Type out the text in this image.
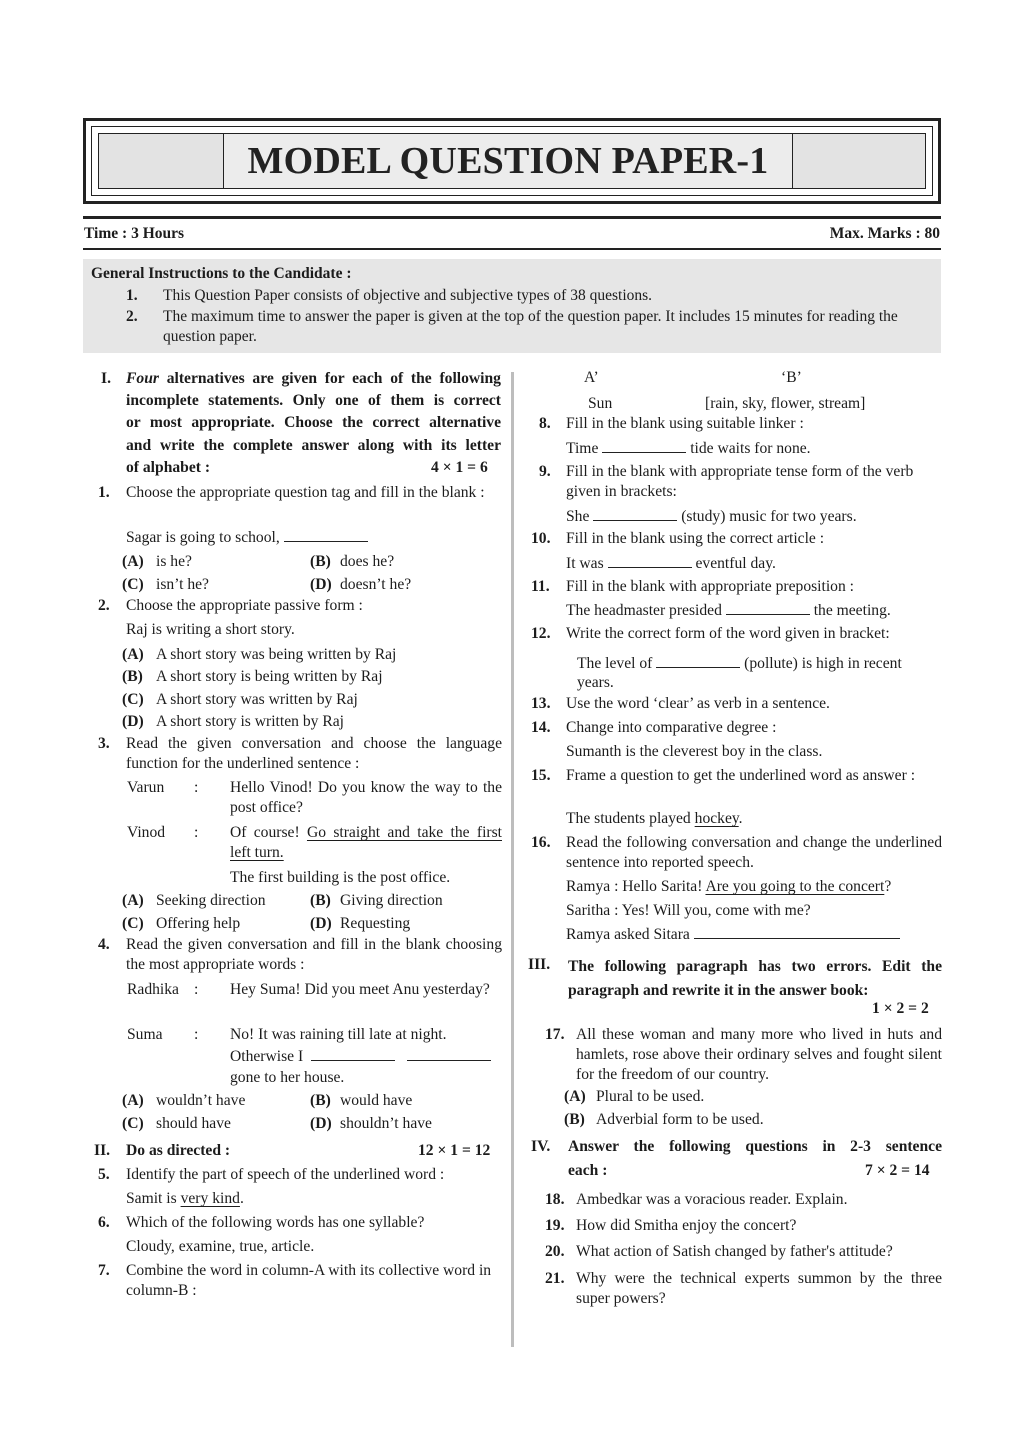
MODEL QUESTION PAPER-1
Time : 3 Hours	Max. Marks : 80
General Instructions to the Candidate :
1. This Question Paper consists of objective and subjective types of 38 questions.
2. The maximum time to answer the paper is given at the top of the question paper. It includes 15 minutes for reading the question paper.
I. Four alternatives are given for each of the following
incomplete statements. Only one of them is correct
or most appropriate. Choose the correct alternative
and write the complete answer along with its letter
of alphabet :	4 × 1 = 6
1. Choose the appropriate question tag and fill in the blank :
Sagar is going to school,
(A) is he?	(B) does he?
(C) isn’t he?	(D) doesn’t he?
2. Choose the appropriate passive form :
Raj is writing a short story.
(A) A short story was being written by Raj
(B) A short story is being written by Raj
(C) A short story was written by Raj
(D) A short story is written by Raj
3. Read the given conversation and choose the language function for the underlined sentence :
Varun : Hello Vinod! Do you know the way to the post office?
Vinod : Of course! Go straight and take the first left turn.
The first building is the post office.
(A) Seeking direction	(B) Giving direction
(C) Offering help	(D) Requesting
4. Read the given conversation and fill in the blank choosing the most appropriate words :
Radhika : Hey Suma! Did you meet Anu yesterday?
Suma : No! It was raining till late at night.
Otherwise I
gone to her house.
(A) wouldn’t have	(B) would have
(C) should have	(D) shouldn’t have
II. Do as directed :	12 × 1 = 12
5. Identify the part of speech of the underlined word :
Samit is very kind.
6. Which of the following words has one syllable?
Cloudy, examine, true, article.
7. Combine the word in column-A with its collective word in column-B :
A’	‘B’
Sun	[rain, sky, flower, stream]
8. Fill in the blank using suitable linker :
Time	tide waits for none.
9. Fill in the blank with appropriate tense form of the verb given in brackets:
She	(study) music for two years.
10. Fill in the blank using the correct article :
It was	eventful day.
11. Fill in the blank with appropriate preposition :
The headmaster presided	the meeting.
12. Write the correct form of the word given in bracket:
The level of	(pollute) is high in recent
years.
13. Use the word ‘clear’ as verb in a sentence.
14. Change into comparative degree :
Sumanth is the cleverest boy in the class.
15. Frame a question to get the underlined word as answer :
The students played hockey.
16. Read the following conversation and change the underlined sentence into reported speech.
Ramya : Hello Sarita! Are you going to the concert?
Saritha : Yes! Will you, come with me?
Ramya asked Sitara
III. The following paragraph has two errors. Edit the paragraph and rewrite it in the answer book:
1 × 2 = 2
17. All these woman and many more who lived in huts and hamlets, rose above their ordinary selves and fought silent for the freedom of our country.
(A) Plural to be used.
(B) Adverbial form to be used.
IV. Answer the following questions in 2-3 sentence
each :	7 × 2 = 14
18. Ambedkar was a voracious reader. Explain.
19. How did Smitha enjoy the concert?
20. What action of Satish changed by father's attitude?
21. Why were the technical experts summon by the three super powers?
